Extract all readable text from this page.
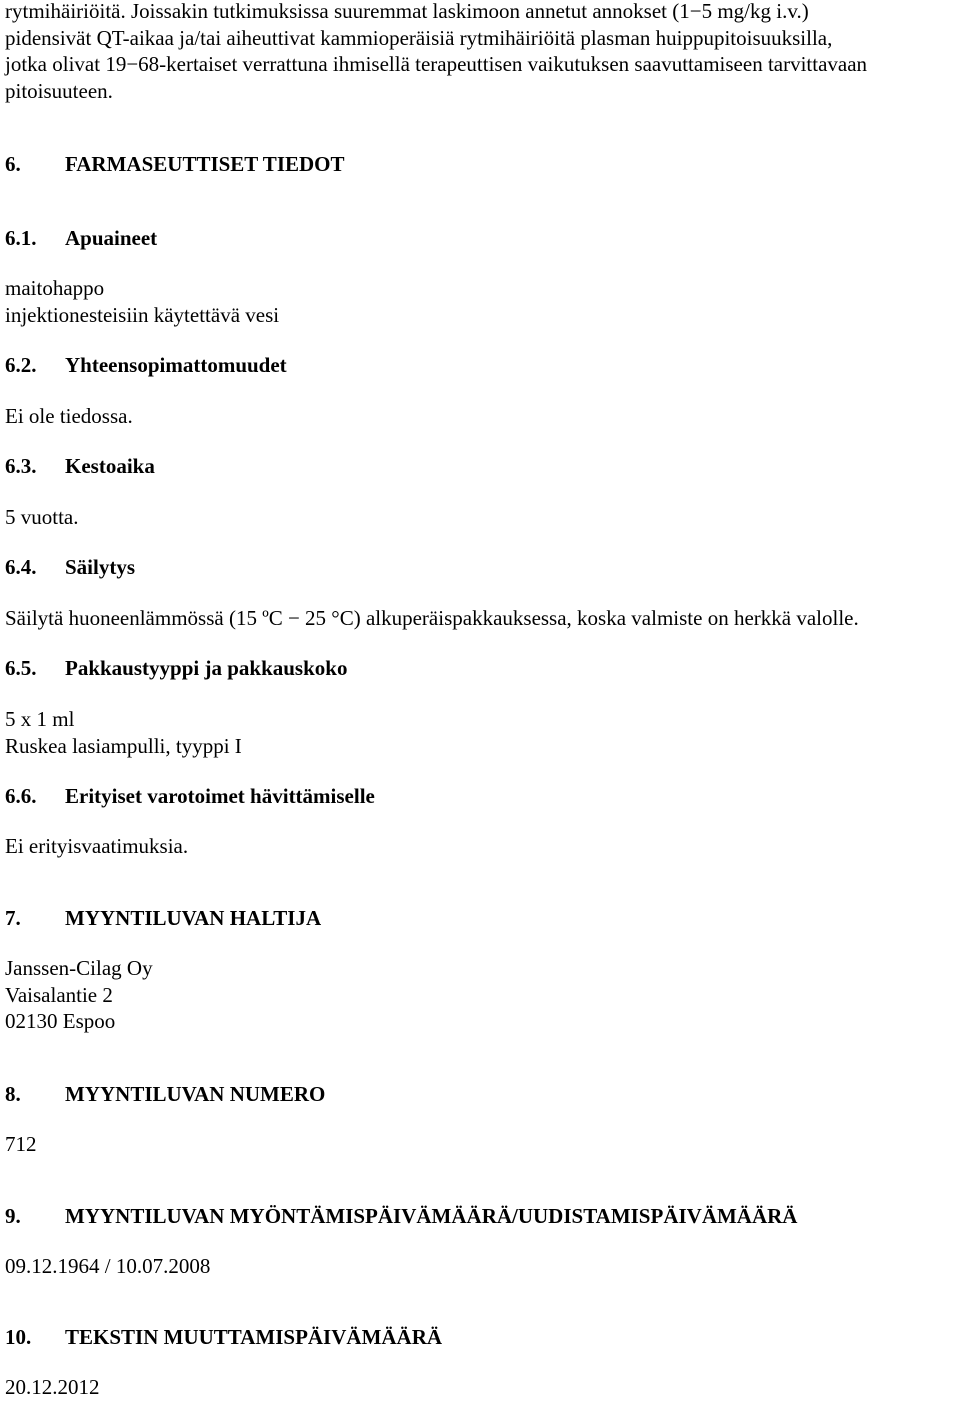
rytmihäiriöitä. Joissakin tutkimuksissa suuremmat laskimoon annetut annokset (1−5 mg/kg i.v.)

pidensivät QT-aikaa ja/tai aiheuttivat kammioperäisiä rytmihäiriöitä plasman huippupitoisuuksilla,

jotka olivat 19−68-kertaiset verrattuna ihmisellä terapeuttisen vaikutuksen saavuttamiseen tarvittavaan

pitoisuuteen.

6.	FARMASEUTTISET TIEDOT
6.1.	Apuaineet

maitohappo

injektionesteisiin käytettävä vesi

6.2.	Yhteensopimattomuudet

Ei ole tiedossa.

6.3.	Kestoaika

5 vuotta.

6.4.	Säilytys

Säilytä huoneenlämmössä (15 ºC − 25 °C) alkuperäispakkauksessa, koska valmiste on herkkä valolle.

6.5.	Pakkaustyyppi ja pakkauskoko

5 x 1 ml

Ruskea lasiampulli, tyyppi I

6.6.	Erityiset varotoimet hävittämiselle

Ei erityisvaatimuksia.

7.	MYYNTILUVAN HALTIJA

Janssen-Cilag Oy

Vaisalantie 2

02130 Espoo

8.	MYYNTILUVAN NUMERO

712

9.	MYYNTILUVAN MYÖNTÄMISPÄIVÄMÄÄRÄ/UUDISTAMISPÄIVÄMÄÄRÄ

09.12.1964 / 10.07.2008

10.	TEKSTIN MUUTTAMISPÄIVÄMÄÄRÄ

20.12.2012
